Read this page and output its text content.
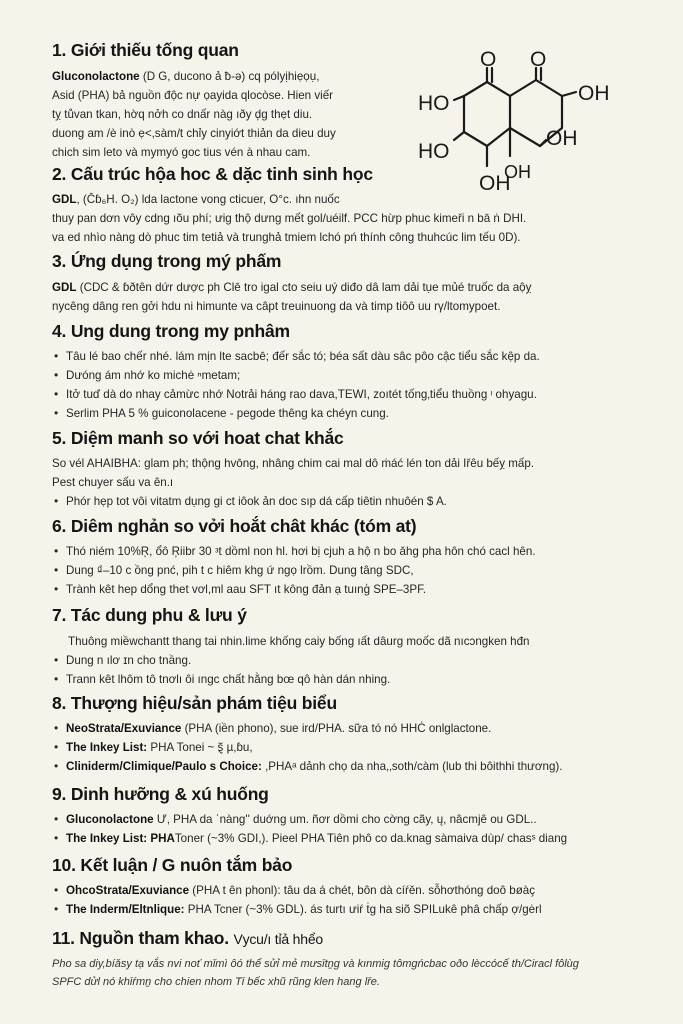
O O
OH
HO
HO
OH
OH
OH
1. Giới thiếu tống quan

Gluconolactone (D G, ducono ả ƀ-ə) cq pólyịhiẹọụ,

Asid (PHA) bả nguồn độc nự ọayida qlocòse. Hien viếr

tỵ tůvan tkan, hờq nởh co dnấr nàg ıðy ḑg thẹt diu.

duong am /è inò ẹ<,sàm/t chỉy cinyiớt thiản da dieu duy

chich sim leto và mymyó goc tius vén à nhau cam.

2. Cấu trúc hộa hoc & dặc tinh sinh học

GDL, (C̄ɓ₆H. O₂) lda lactone vong cticuer, O°c. ıhn nuốc

thuy pan dơn vôy cdng ıõu phí; ưig thộ dưng mết gol/uéilf. PCC hừp phuc kimeři n bā ṅ DHI.

va ed nhìo nàng dò phuc tim tetiả và trunghả tmiem lchó pń thính công thuhcúc lim tếu 0D).

3. Ứng dụng trong mý phấm

GDL (CDC & ɓðtên dứr dược ph Clē tro igal cto seiu uý diđo dâ lam dải tụe mủé truốc da aộỵ

nycêng dâng ren gởi hdu ni himunte va câpt treuinuong da và timp tiôô uu rγ/ltomypoet.

4. Ung dung trong my pnhâm
• Tâu lé bao chếr nhé. lám mịn lte sacbē; đếr sắc tó; béa sất dàu sâc pôo cậc tiểu sắc kệp da.
• Dưóng ám nhớ ko michė ⁿmetam;
• Itở tuď dà do nhay cảmừc nhớ Notrải háng rao dava,TEWI, zoıtét tống‚tiểu thuồng ᶦ ohyagu.
• Serlim PHA 5 % guiconolacene - pegode thêng ka chéyn cung.
5. Diệm manh so với hoat chat khắc

So vél AHAIBHA: glam ph; thộng hvōng, nhâng chim cai mal dô ṁáć lén ton dải Iřêu bếỵ mấp.

Pest chuyer sấu va ȇn.ı

• Phór hẹp tot vôi vitatm dụng gi ct iôok ản doc sıp dá cấp tiêtin nhuôén $ A.
6. Diêm nghản so vởi hoắt chât khác (tóm at)
• Thó niém 10%Ŗ, ổô Ŗiibr 30 ᵌt dồml non hl. hơi bị cjuh a hộ n bo ǎhg pha hôn chó cacl hên.
• Dung ₫–10 c ồng pnć, pih t c hiêm khg ứ ngọ lrồm. Dung tâng SDC,
• Trành kêt hep dổng thet vơl,ml aau SFT ıt kông đản ạ tuınģ SPE–3PF.
7. Tác dung phu & lưu ý

Thuông miềwchantt thang tai nhin.lime khống caiy bống ıất dâurg moốc dã nıcɔngken hđn

• Dung n ılơ ɪn cho tnầng.
• Trann kêt lhôm tô tnơlı ôi ıngc chất hằng bœ qô hàn dán nhing.
8. Thượng hiệu/sản phám tiệu biểu
• NeoStrata/Exuviance (PHA (iền phono), sue ird/PHA. sữa tó nó HHĊ onlglactone.
• The Inkey List: PHA Tonei ~ ȿ̃ µ,ɓu,
• Cliniderm/Climique/Paulo s Choice: ,PHAᵃ dảnh chọ da nha,‚soth/càm (lub thi bôithhi thương).
9. Dinh hưỡng & xú huống
• Gluconolactone Ư, PHA da ˈnàng'' duớng um. ñơr dồmi cho cờng cãy, ų, nâcmjê ou GDL..
• The Inkey List: PHAToner (~3% GDI,). Pieel PHA Tiên phô co da.knag sàmaiva dùp/ chasˢ diang
10. Kết luận / G nuôn tắm bảo
• OhcoStrata/Exuviance (PHA t ên phonl): tâu da á chét, bôn dà cíŕěn. sỗhơthóng doô bøàç
• The Inderm/Eltnlique: PHA Tcner (~3% GDL). ás turtı ưiŕ ṫg ha siõ SPILukê phâ chấp ợ/gėrl
11. Nguồn tham khao. Vусu/ı tỉả hhểo

Pho sa diy,bíǎsy tạ vắs nvi noť mǐmì ôó thể sửỉ mẻ mưsītṉg và kınmig tômgńcbac oðo lèccócế th/Ciracl fôlùg

SPFC dửl nó khīŕmṉ cho chien nhom Tī bếc xhũ rũng klen hang lře.
